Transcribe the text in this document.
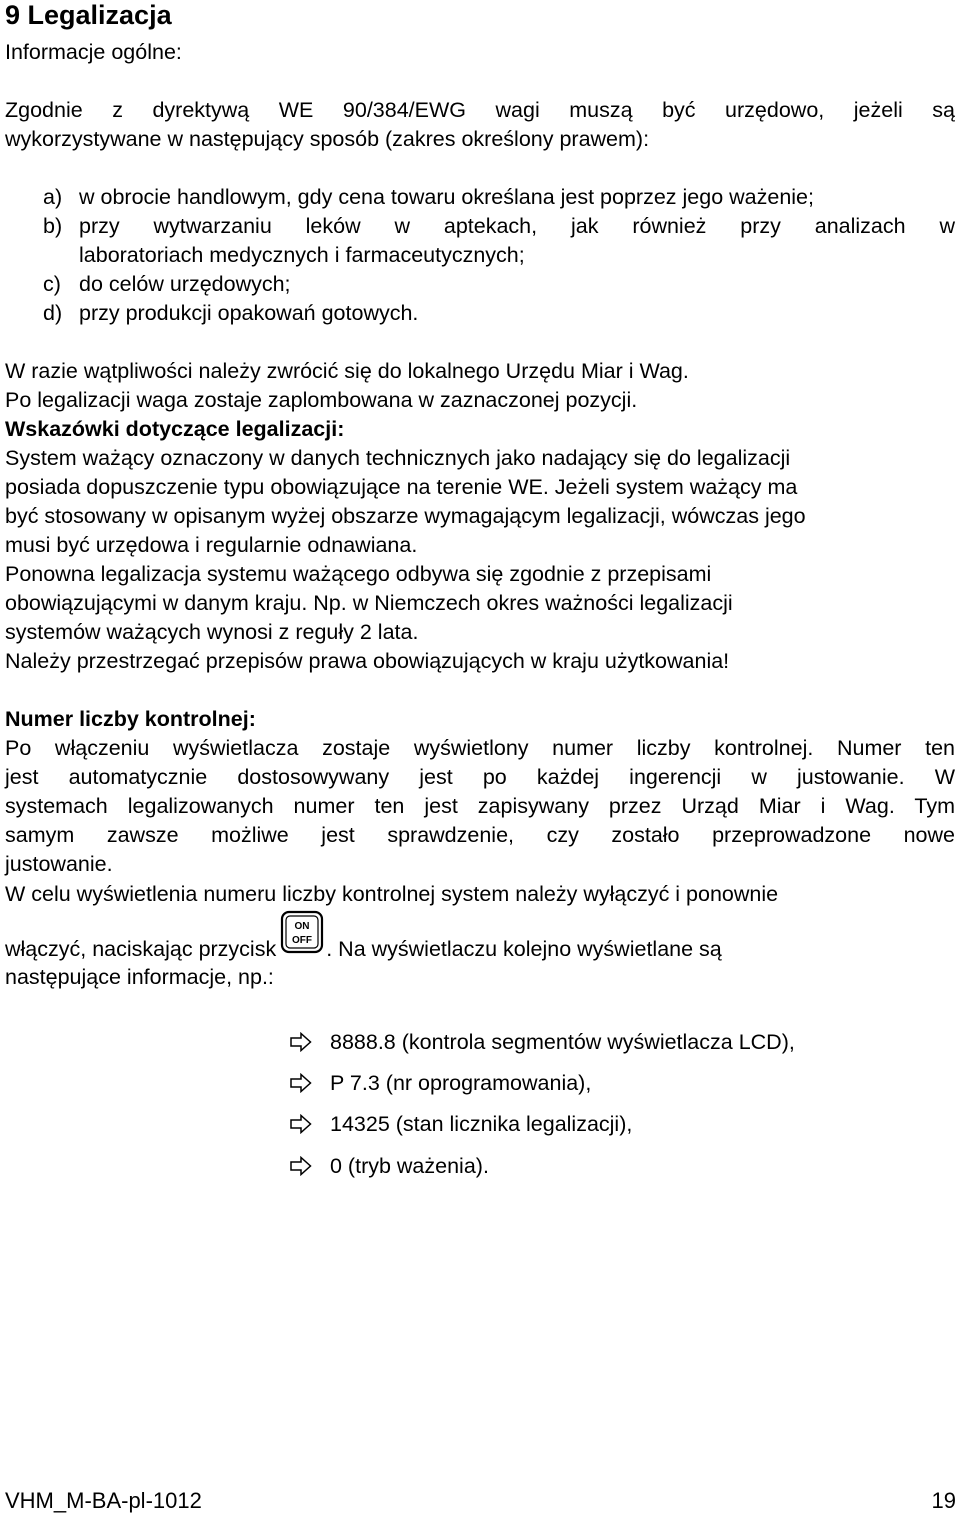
9 Legalizacja
Informacje ogólne:
Zgodnie z dyrektywą WE 90/384/EWG wagi muszą być urzędowo, jeżeli są
wykorzystywane w następujący sposób (zakres określony prawem):
a) w obrocie handlowym, gdy cena towaru określana jest poprzez jego ważenie;
b) przy wytwarzaniu leków w aptekach, jak również przy analizach w
laboratoriach medycznych i farmaceutycznych;
c) do celów urzędowych;
d) przy produkcji opakowań gotowych.
W razie wątpliwości należy zwrócić się do lokalnego Urzędu Miar i Wag.
Po legalizacji waga zostaje zaplombowana w zaznaczonej pozycji.
Wskazówki dotyczące legalizacji:
System ważący oznaczony w danych technicznych jako nadający się do legalizacji
posiada dopuszczenie typu obowiązujące na terenie WE. Jeżeli system ważący ma
być stosowany w opisanym wyżej obszarze wymagającym legalizacji, wówczas jego
musi być urzędowa i regularnie odnawiana.
Ponowna legalizacja systemu ważącego odbywa się zgodnie z przepisami
obowiązującymi w danym kraju. Np. w Niemczech okres ważności legalizacji
systemów ważących wynosi z reguły 2 lata.
Należy przestrzegać przepisów prawa obowiązujących w kraju użytkowania!
Numer liczby kontrolnej:
Po włączeniu wyświetlacza zostaje wyświetlony numer liczby kontrolnej. Numer ten
jest automatycznie dostosowywany jest po każdej ingerencji w justowanie. W
systemach legalizowanych numer ten jest zapisywany przez Urząd Miar i Wag. Tym
samym zawsze możliwe jest sprawdzenie, czy zostało przeprowadzone nowe
justowanie.
W celu wyświetlenia numeru liczby kontrolnej system należy wyłączyć i ponownie
włączyć, naciskając przycisk
ON
OFF . Na wyświetlaczu kolejno wyświetlane są
następujące informacje, np.:
8888.8 (kontrola segmentów wyświetlacza LCD),
P 7.3 (nr oprogramowania),
14325 (stan licznika legalizacji),
0 (tryb ważenia).
VHM_M-BA-pl-1012	19
